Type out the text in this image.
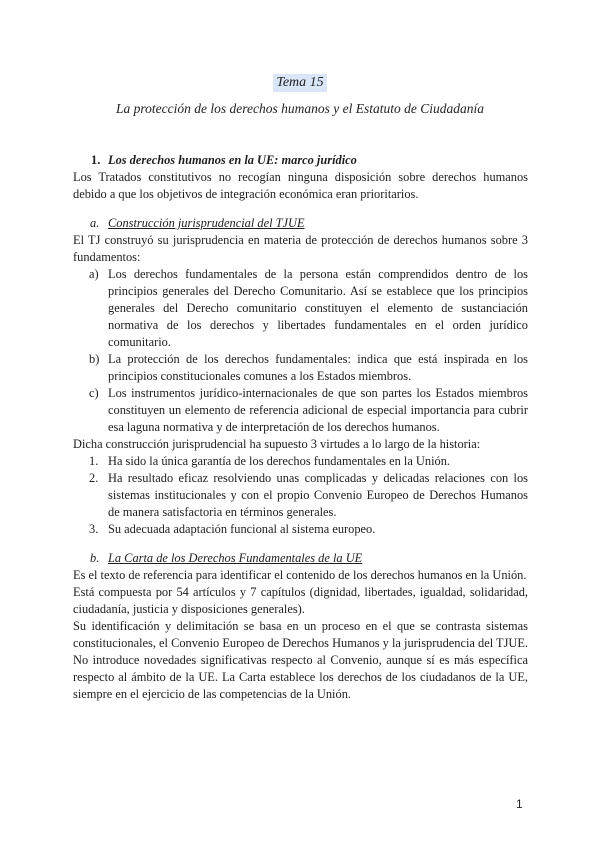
Tema 15
La protección de los derechos humanos y el Estatuto de Ciudadanía

1. Los derechos humanos en la UE: marco jurídico

Los Tratados constitutivos no recogían ninguna disposición sobre derechos humanos debido a que los objetivos de integración económica eran prioritarios.

a. Construcción jurisprudencial del TJUE

El TJ construyó su jurisprudencia en materia de protección de derechos humanos sobre 3 fundamentos:

a) Los derechos fundamentales de la persona están comprendidos dentro de los principios generales del Derecho Comunitario. Así se establece que los principios generales del Derecho comunitario constituyen el elemento de sustanciación normativa de los derechos y libertades fundamentales en el orden jurídico comunitario.
b) La protección de los derechos fundamentales: indica que está inspirada en los principios constitucionales comunes a los Estados miembros.
c) Los instrumentos jurídico-internacionales de que son partes los Estados miembros constituyen un elemento de referencia adicional de especial importancia para cubrir esa laguna normativa y de interpretación de los derechos humanos.

Dicha construcción jurisprudencial ha supuesto 3 virtudes a lo largo de la historia:

1. Ha sido la única garantía de los derechos fundamentales en la Unión.
2. Ha resultado eficaz resolviendo unas complicadas y delicadas relaciones con los sistemas institucionales y con el propio Convenio Europeo de Derechos Humanos de manera satisfactoria en términos generales.
3. Su adecuada adaptación funcional al sistema europeo.

b. La Carta de los Derechos Fundamentales de la UE

Es el texto de referencia para identificar el contenido de los derechos humanos en la Unión.

Está compuesta por 54 artículos y 7 capítulos (dignidad, libertades, igualdad, solidaridad, ciudadanía, justicia y disposiciones generales).

Su identificación y delimitación se basa en un proceso en el que se contrasta sistemas constitucionales, el Convenio Europeo de Derechos Humanos y la jurisprudencia del TJUE.

No introduce novedades significativas respecto al Convenio, aunque sí es más específica respecto al ámbito de la UE. La Carta establece los derechos de los ciudadanos de la UE, siempre en el ejercicio de las competencias de la Unión.

1
